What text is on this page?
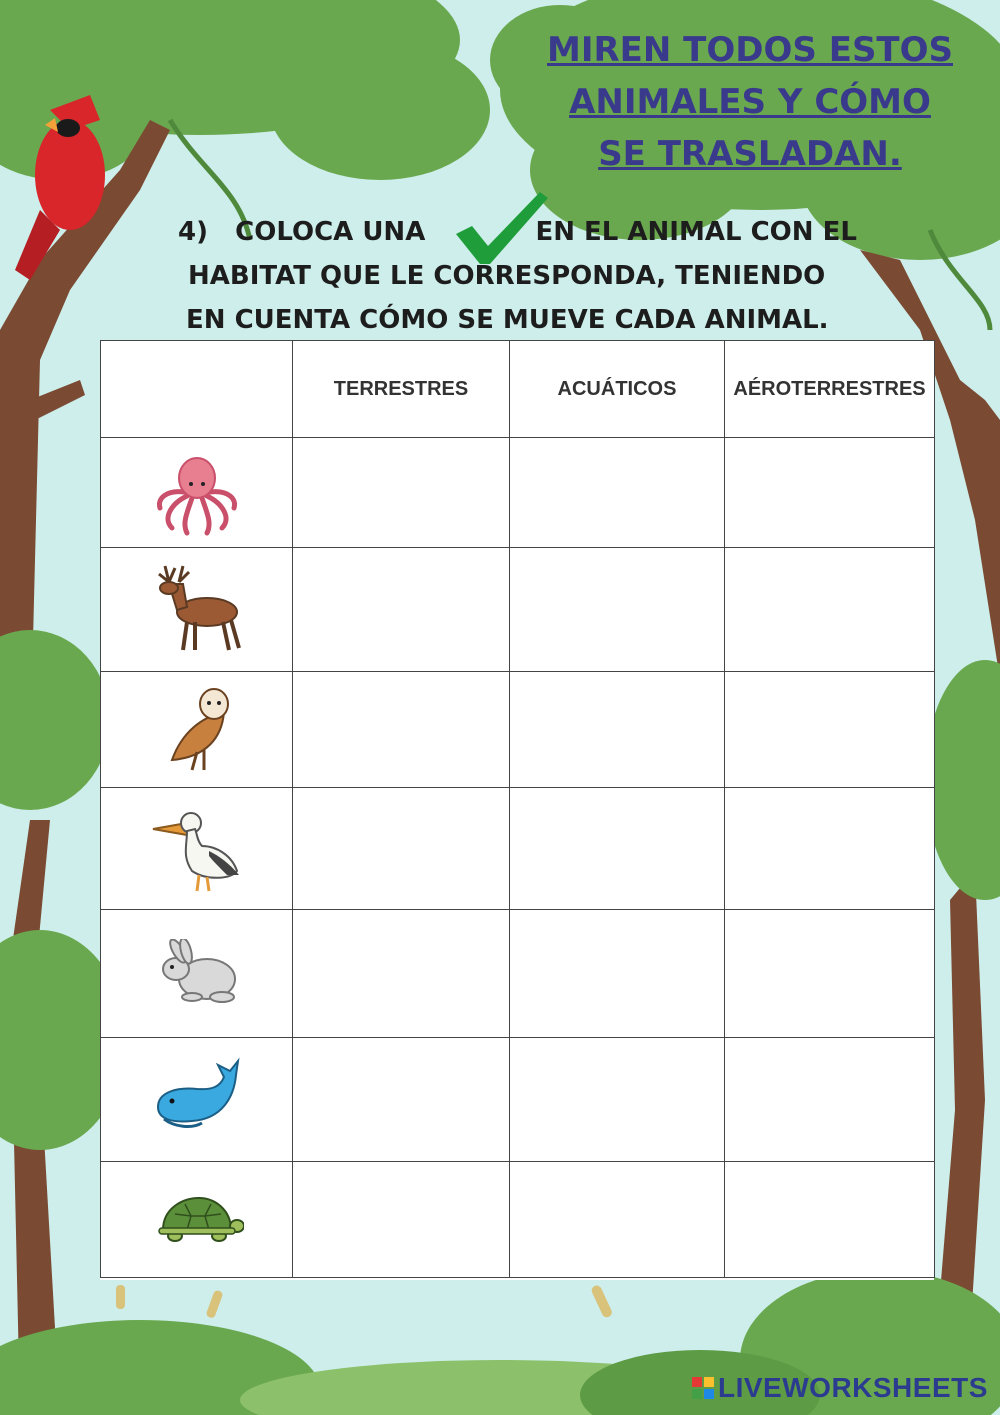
MIREN TODOS ESTOS
ANIMALES Y CÓMO
SE TRASLADAN.
4) COLOCA UNA	EN EL ANIMAL CON EL
HABITAT QUE LE CORRESPONDA, TENIENDO
EN CUENTA CÓMO SE MUEVE CADA ANIMAL.
	TERRESTRES	ACUÁTICOS	AÉROTERRESTRES

LIVEWORKSHEETS
